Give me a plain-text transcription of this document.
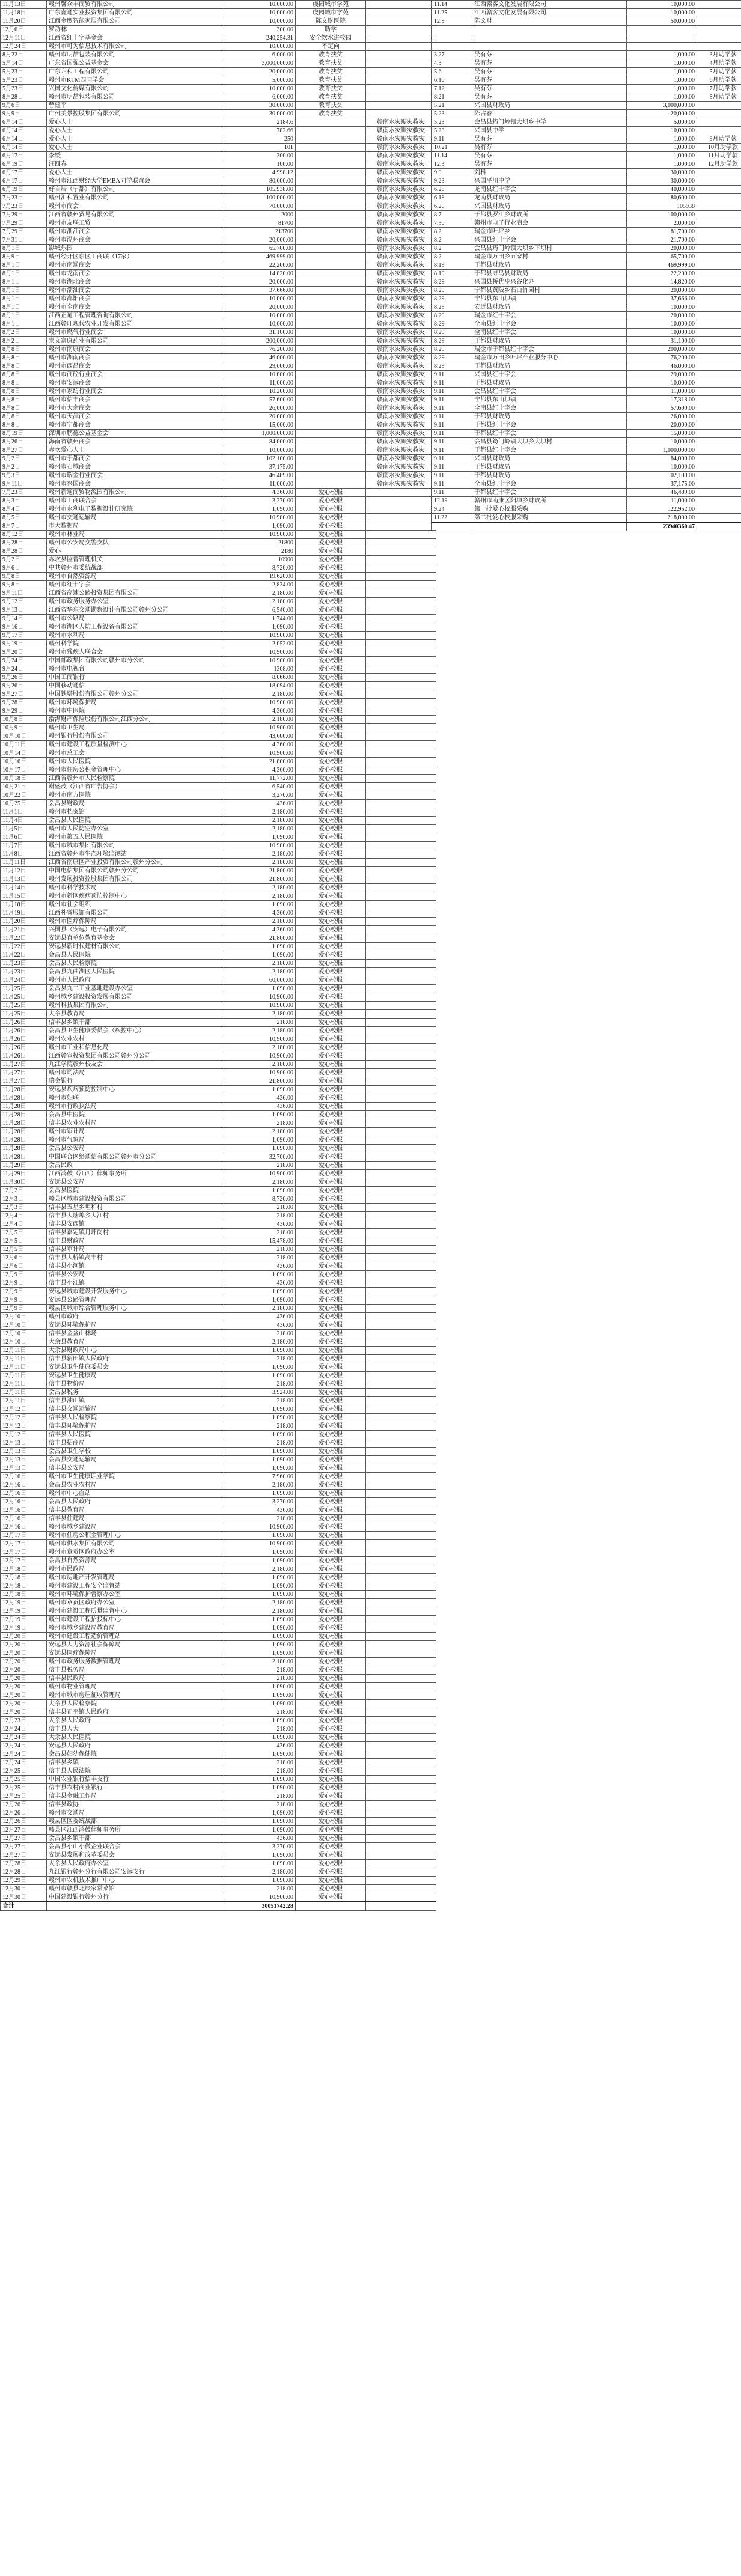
11月13日	赣州馨众丰商贸有限公司	10,000.00	虔园城市学苑	
11月18日	广东鑫通实业投资集团有限公司	10,000.00	虔园城市学苑	
11月20日	江西金鹰智能家居有限公司	10,000.00	陈文财医院	
12月6日	罗功林	300.00	助学	
12月11日	江西省红十字基金会	240,254.31	安全饮水进校园	
12月24日	赣州市可为信息技术有限公司	10,000.00	不定向	
8月22日	赣州市明喆包装有限公司	6,000.00	教育扶贫	
5月14日	广东省国强公益基金会	3,000,000.00	教育扶贫	
5月23日	广东六和工程有限公司	20,000.00	教育扶贫	
5月23日	赣州市KTM四同学会	5,000.00	教育扶贫	
5月23日	兴国文化传媒有限公司	10,000.00	教育扶贫	
8月28日	赣州市明喆包装有限公司	6,000.00	教育扶贫	
9月6日	曾建平	30,000.00	教育扶贫	
9月9日	广州美景控股集团有限公司	30,000.00	教育扶贫	
6月14日	爱心人士	2184.6		赣南水灾赈灾救灾
6月14日	爱心人士	782.66		赣南水灾赈灾救灾
6月14日	爱心人士	250		赣南水灾赈灾救灾
6月14日	爱心人士	101		赣南水灾赈灾救灾
6月17日	李媛	300.00		赣南水灾赈灾救灾
6月19日	汪四春	100.00		赣南水灾赈灾救灾
6月17日	爱心人士	4,998.12		赣南水灾赈灾救灾
6月17日	赣州市江西财经大学EMBA同学联谊会	80,600.00		赣南水灾赈灾救灾
6月19日	好自居（宁都）有限公司	105,938.00		赣南水灾赈灾救灾
7月23日	赣州汇和置业有限公司	100,000.00		赣南水灾赈灾救灾
7月23日	赣州市商会	70,000.00		赣南水灾赈灾救灾
7月29日	江西省赣州贸易有限公司	2000		赣南水灾赈灾救灾
7月29日	赣州市友联工贸	81700		赣南水灾赈灾救灾
7月29日	赣州市浙江商会	213700		赣南水灾赈灾救灾
7月31日	赣州市温州商会	20,000.00		赣南水灾赈灾救灾
8月1日	影城乐园	65,700.00		赣南水灾赈灾救灾
8月9日	赣州经开区东区工商联（17家）	469,999.00		赣南水灾赈灾救灾
8月1日	赣州市南通商会	22,200.00		赣南水灾赈灾救灾
8月1日	赣州市龙南商会	14,820.00		赣南水灾赈灾救灾
8月1日	赣州市湖北商会	20,000.00		赣南水灾赈灾救灾
8月1日	赣州市潮汕商会	37,666.00		赣南水灾赈灾救灾
8月1日	赣州市鄱阳商会	10,000.00		赣南水灾赈灾救灾
8月1日	赣州市全南商会	20,000.00		赣南水灾赈灾救灾
8月1日	江西正道工程管理咨询有限公司	10,000.00		赣南水灾赈灾救灾
8月1日	江西赣旺现代农业开发有限公司	10,000.00		赣南水灾赈灾救灾
8月2日	赣州市燃气行业商会	31,100.00		赣南水灾赈灾救灾
8月2日	崇义富康药业有限公司	200,000.00		赣南水灾赈灾救灾
8月8日	赣州市南康商会	76,200.00		赣南水灾赈灾救灾
8月8日	赣州市湖南商会	46,000.00		赣南水灾赈灾救灾
8月8日	赣州市西昌商会	29,000.00		赣南水灾赈灾救灾
8月8日	赣州市商砼行业商会	10,000.00		赣南水灾赈灾救灾
8月8日	赣州市安远商会	11,000.00		赣南水灾赈灾救灾
8月8日	赣州市家纺行业商会	10,200.00		赣南水灾赈灾救灾
8月8日	赣州市信丰商会	57,600.00		赣南水灾赈灾救灾
8月8日	赣州市大余商会	26,000.00		赣南水灾赈灾救灾
8月8日	赣州市天津商会	20,000.00		赣南水灾赈灾救灾
8月8日	赣州市宁都商会	15,000.00		赣南水灾赈灾救灾
8月19日	深圳市鹏德公益基金会	1,000,000.00		赣南水灾赈灾救灾
8月26日	海南省赣州商会	84,000.00		赣南水灾赈灾救灾
8月27日	赤坎爱心人士	10,000.00		赣南水灾赈灾救灾
9月2日	赣州市于都商会	102,100.00		赣南水灾赈灾救灾
9月2日	赣州市石城商会	37,175.00		赣南水灾赈灾救灾
9月3日	赣州市瑞金行业商会	46,489.00		赣南水灾赈灾救灾
9月11日	赣州市兴国商会	11,000.00		赣南水灾赈灾救灾
7月23日	赣州新通商贸物流园有限公司	4,360.00	爱心校服	
8月3日	赣州市工商联合会	3,270.00	爱心校服	
8月4日	赣州市水利电子数据设计研究院	1,090.00	爱心校服	
8月5日	赣州市交通运输局	10,900.00	爱心校服	
8月7日	市大数据局	1,090.00	爱心校服	
8月12日	赣州市林业局	10,900.00	爱心校服	
8月28日	赣州市公安局交警支队	21800	爱心校服	
8月28日	爱心	2180	爱心校服	
9月2日	赤坎县监督管理机关	10900	爱心校服	
9月6日	中共赣州市委统战部	8,720.00	爱心校服	
9月8日	赣州市自然资源局	19,620.00	爱心校服	
9月8日	赣州市红十字会	2,834.00	爱心校服	
9月11日	江西省高速公路投资集团有限公司	2,180.00	爱心校服	
9月12日	赣州市政务服务办公室	2,180.00	爱心校服	
9月13日	江西省华东交通勘察设计有限公司赣州分公司	6,540.00	爱心校服	
9月14日	赣州市公路局	1,744.00	爱心校服	
9月16日	赣州市湖区人防工程设备有限公司	1,090.00	爱心校服	
9月17日	赣州市水利局	10,900.00	爱心校服	
9月19日	赣州科学院	2,052.00	爱心校服	
9月20日	赣州市残疾人联合会	10,900.00	爱心校服	
9月24日	中国邮政集团有限公司赣州市分公司	10,900.00	爱心校服	
9月24日	赣州市电视台	1308.00	爱心校服	
9月26日	中国工商银行	8,066.00	爱心校服	
9月26日	中国移动通信	18,094.00	爱心校服	
9月27日	中国铁塔股份有限公司赣州分公司	2,180.00	爱心校服	
9月28日	赣州市环境保护局	10,900.00	爱心校服	
9月29日	赣州市中医院	4,360.00	爱心校服	
10月8日	渤海财产保险股份有限公司江西分公司	2,180.00	爱心校服	
10月9日	赣州市卫生局	10,900.00	爱心校服	
10月10日	赣州银行股份有限公司	43,600.00	爱心校服	
10月11日	赣州市建设工程质量检测中心	4,360.00	爱心校服	
10月14日	赣州市总工会	10,900.00	爱心校服	
10月16日	赣州市人民医院	21,800.00	爱心校服	
10月17日	赣州市住房公积金管理中心	4,360.00	爱心校服	
10月18日	江西省赣州市人民检察院	11,772.00	爱心校服	
10月21日	谢盛茂（江西省广告协会）	6,540.00	爱心校服	
10月22日	赣州市南方医院	3,270.00	爱心校服	
10月25日	会昌县财政局	436.00	爱心校服	
11月1日	赣州市档案馆	2,180.00	爱心校服	
11月4日	会昌县人民医院	2,180.00	爱心校服	
11月5日	赣州市人民防空办公室	2,180.00	爱心校服	
11月6日	赣州市第五人民医院	1,090.00	爱心校服	
11月7日	赣州市城市集团有限公司	10,900.00	爱心校服	
11月8日	江西省赣州市生态环境监测站	2,180.00	爱心校服	
11月11日	江西省南康区产业投资有限公司赣州分公司	2,180.00	爱心校服	
11月12日	中国电信集团有限公司赣州分公司	21,800.00	爱心校服	
11月13日	赣州发展投资控股集团有限公司	21,800.00	爱心校服	
11月14日	赣州市科学技术局	2,180.00	爱心校服	
11月15日	赣州市新区疾病预防控制中心	2,180.00	爱心校服	
11月18日	赣州市社会组织	1,090.00	爱心校服	
11月19日	江西朴睿服饰有限公司	4,360.00	爱心校服	
11月20日	赣州市医疗保障局	2,180.00	爱心校服	
11月21日	兴国县（安远）电子有限公司	4,360.00	爱心校服	
11月22日	安远县直单位教育基金会	21,800.00	爱心校服	
11月22日	安远县新时代建材有限公司	1,090.00	爱心校服	
11月22日	会昌县人民医院	1,090.00	爱心校服	
11月23日	会昌县人民检察院	2,180.00	爱心校服	
11月23日	会昌县九曲湖区人民医院	2,180.00	爱心校服	
11月24日	赣州市人民政府	60,000.00	爱心校服	
11月25日	会昌县九二工业基地建设办公室	1,090.00	爱心校服	
11月25日	赣州城乡建设投资发展有限公司	10,900.00	爱心校服	
11月25日	赣州科技集团有限公司	10,900.00	爱心校服	
11月25日	大余县教育局	2,180.00	爱心校服	
11月26日	信丰县乡镇干部	218.00	爱心校服	
11月26日	会昌县卫生健康委员会（疾控中心）	2,180.00	爱心校服	
11月26日	赣州农业农村	10,900.00	爱心校服	
11月26日	赣州市工业和信息化局	2,180.00	爱心校服	
11月26日	江西赣宣投资集团有限公司赣州分公司	10,900.00	爱心校服	
11月27日	九江学院赣州校友会	2,180.00	爱心校服	
11月27日	赣州市司法局	10,900.00	爱心校服	
11月27日	瑞金银行	21,800.00	爱心校服	
11月28日	安远县疾病预防控制中心	1,090.00	爱心校服	
11月28日	赣州市妇联	436.00	爱心校服	
11月28日	赣州市行政执法局	436.00	爱心校服	
11月28日	会昌县中医院	1,090.00	爱心校服	
11月28日	信丰县农业农村局	218.00	爱心校服	
11月28日	赣州市审计局	2,180.00	爱心校服	
11月28日	赣州市气象局	1,090.00	爱心校服	
11月28日	会昌县公安局	1,090.00	爱心校服	
11月28日	中国联合网络通信有限公司赣州市分公司	32,700.00	爱心校服	
11月29日	会昌民政	218.00	爱心校服	
11月29日	江西鸿鼓（江西）律师事务所	10,900.00	爱心校服	
11月30日	安远县公安局	2,180.00	爱心校服	
12月2日	会昌县医院	1,090.00	爱心校服	
12月3日	赣县区城市建设投资有限公司	8,720.00	爱心校服	
12月3日	信丰县五星乡坦和村	218.00	爱心校服	
12月4日	信丰县大塘埠乡大江村	218.00	爱心校服	
12月4日	信丰县安西镇	436.00	爱心校服	
12月5日	信丰县嘉定镇月坪岗村	218.00	爱心校服	
12月5日	信丰县财政局	15,478.00	爱心校服	
12月5日	信丰县审计局	218.00	爱心校服	
12月6日	信丰县大桥镇高丰村	218.00	爱心校服	
12月6日	信丰县小河镇	436.00	爱心校服	
12月9日	信丰县公安局	1,090.00	爱心校服	
12月9日	信丰县小江镇	436.00	爱心校服	
12月9日	安远县城市建设开发服务中心	1,090.00	爱心校服	
12月9日	安远县公路管理局	1,090.00	爱心校服	
12月9日	赣县区城市综合管理服务中心	2,180.00	爱心校服	
12月10日	赣州市政府	436.00	爱心校服	
12月10日	安远县环境保护局	436.00	爱心校服	
12月10日	信丰县金盆山林场	218.00	爱心校服	
12月10日	大余县教育局	2,180.00	爱心校服	
12月11日	大余县财政局中心	1,090.00	爱心校服	
12月11日	信丰县新田镇人民政府	218.00	爱心校服	
12月11日	安远县卫生健康委员会	1,090.00	爱心校服	
12月11日	安远县卫生健康局	1,090.00	爱心校服	
12月11日	信丰县物价局	218.00	爱心校服	
12月11日	会昌县税务	3,924.00	爱心校服	
12月11日	信丰县油山镇	218.00	爱心校服	
12月12日	信丰县交通运输局	1,090.00	爱心校服	
12月12日	信丰县人民检察院	1,090.00	爱心校服	
12月12日	信丰县环境保护局	218.00	爱心校服	
12月12日	信丰县人民医院	1,090.00	爱心校服	
12月13日	信丰县招商局	218.00	爱心校服	
12月13日	会昌县卫生学校	1,090.00	爱心校服	
12月13日	会昌县交通运输局	1,090.00	爱心校服	
12月13日	信丰县公安局	1,090.00	爱心校服	
12月16日	赣州市卫生健康职业学院	7,960.00	爱心校服	
12月16日	会昌县农业农村局	2,180.00	爱心校服	
12月16日	赣州市中心血站	1,090.00	爱心校服	
12月16日	会昌县人民政府	3,270.00	爱心校服	
12月16日	信丰县教育局	436.00	爱心校服	
12月16日	信丰县住建局	218.00	爱心校服	
12月16日	赣州市城乡建设局	10,900.00	爱心校服	
12月17日	赣州市住房公积金管理中心	1,090.00	爱心校服	
12月17日	赣州市供水集团有限公司	10,900.00	爱心校服	
12月17日	赣州市章贡区政府办公室	1,090.00	爱心校服	
12月17日	会昌县自然资源局	1,090.00	爱心校服	
12月18日	赣州市民政局	2,180.00	爱心校服	
12月18日	赣州市房地产开发管理局	1,090.00	爱心校服	
12月18日	赣州市建设工程安全监督站	1,090.00	爱心校服	
12月18日	赣州市环境保护督察办公室	1,090.00	爱心校服	
12月19日	赣州市章贡区政府办公室	2,180.00	爱心校服	
12月19日	赣州市建设工程质量监督中心	2,180.00	爱心校服	
12月19日	赣州市建设工程招投标中心	1,090.00	爱心校服	
12月19日	赣州市城乡建设局教育局	1,090.00	爱心校服	
12月20日	赣州市建设工程造价管理站	1,090.00	爱心校服	
12月20日	安远县人力资源社会保障局	1,090.00	爱心校服	
12月20日	安远县医疗保障局	1,090.00	爱心校服	
12月20日	赣州市政务服务数据管理局	2,180.00	爱心校服	
12月20日	信丰县税务局	218.00	爱心校服	
12月20日	信丰县民政局	218.00	爱心校服	
12月20日	赣州市物业管理局	1,090.00	爱心校服	
12月20日	赣州市城市房屋征收管理局	1,090.00	爱心校服	
12月20日	大余县人民检察院	1,090.00	爱心校服	
12月20日	信丰县正平镇人民政府	218.00	爱心校服	
12月23日	大余县人民政府	1,090.00	爱心校服	
12月24日	信丰县人大	218.00	爱心校服	
12月24日	大余县人民医院	1,090.00	爱心校服	
12月24日	安远县人民政府	436.00	爱心校服	
12月24日	会昌县妇幼保健院	1,090.00	爱心校服	
12月24日	信丰县乡镇	218.00	爱心校服	
12月25日	信丰县人民法院	218.00	爱心校服	
12月25日	中国农业银行信丰支行	1,090.00	爱心校服	
12月25日	信丰县农村商业银行	1,090.00	爱心校服	
12月25日	信丰县金融工作局	218.00	爱心校服	
12月26日	信丰县政协	218.00	爱心校服	
12月26日	赣州市交通局	1,090.00	爱心校服	
12月26日	赣县区区委统战部	1,090.00	爱心校服	
12月27日	赣县区江西鸿鼓律师事务所	1,090.00	爱心校服	
12月27日	会昌县乡镇干部	436.00	爱心校服	
12月27日	会昌县小山小微企业联合会	3,270.00	爱心校服	
12月27日	安远县发展和改革委员会	1,090.00	爱心校服	
12月28日	大余县人民政府办公室	1,090.00	爱心校服	
12月28日	九江银行赣州分行有限公司安远支行	2,180.00	爱心校服	
12月29日	赣州市农机技术推广中心	1,090.00	爱心校服	
12月30日	赣州市赣县北辰家常菜馆	218.00	爱心校服	
12月30日	中国建设银行赣州分行	10,900.00	爱心校服	
合计		30051742.28		
11.14	江西赣客文化发展有限公司	10,000.00	
11.25	江西赣客文化发展有限公司	10,000.00	
12.9	陈文财	50,000.00	

3.27	吴有芬	1,000.00	3月助学款
4.3	吴有芬	1,000.00	4月助学款
5.6	吴有芬	1,000.00	5月助学款
6.10	吴有芬	1,000.00	6月助学款
7.12	吴有芬	1,000.00	7月助学款
8.21	吴有芬	1,000.00	8月助学款
5.21	兴国县财政局	3,000,000.00	
5.23	陈占春	20,000.00	
5.23	会昌县筠门岭镇大坝乡中学	5,000.00	
5.23	兴国县中学	10,000.00	
9.11	吴有芬	1,000.00	9月助学款
10.21	吴有芬	1,000.00	10月助学款
11.14	吴有芬	1,000.00	11月助学款
12.3	吴有芬	1,000.00	12月助学款
9.9	刘科	30,000.00	
9.23	兴国平川中学	30,000.00	
6.28	龙南县红十字会	40,000.00	
6.18	龙南县财政局	80,600.00	
6.20	兴国县财政局	105938	
8.7	于都县罗江乡财政所	100,000.00	
7.30	赣州市电子行业商会	2,000.00	
8.2	瑞金市叶坪乡	81,700.00	
8.2	兴国县红十字会	21,700.00	
8.2	会昌县筠门岭镇大坝乡下坝村	20,000.00	
8.2	瑞金市万田乡五家村	65,700.00	
8.19	于都县财政局	469,999.00	
8.19	于都县寻乌县财政局	22,200.00	
8.29	兴国县桥优步兴谷化办	14,820.00	
8.29	宁都县黄陂乡石白竹园村	20,000.00	
8.29	宁都县东山坝镇	37,666.00	
8.29	安远县财政局	10,000.00	
8.29	瑞金市红十字会	20,000.00	
8.29	全南县红十字会	10,000.00	
8.29	全南县红十字会	10,000.00	
8.29	于都县财政局	31,100.00	
8.29	瑞金市于都县红十字会	200,000.00	
8.29	瑞金市万田乡叶坪产业服务中心	76,200.00	
8.29	于都县财政局	46,000.00	
9.11	兴国县红十字会	29,000.00	
9.11	于都县财政局	10,000.00	
9.11	会昌县红十字会	11,000.00	
9.11	宁都县东山坝镇	17,318.00	
9.11	全南县红十字会	57,600.00	
9.11	于都县财政局	26,000.00	
9.11	于都县红十字会	20,000.00	
9.11	于都县红十字会	15,000.00	
9.11	会昌县筠门岭镇大坝乡大坝村	10,000.00	
9.11	于都县红十字会	1,000,000.00	
9.11	兴国县财政局	84,000.00	
9.11	于都县财政局	10,000.00	
9.11	于都县财政局	102,100.00	
9.11	全南县红十字会	37,175.00	
9.11	于都县红十字会	46,489.00	
12.19	赣州市南康区阳埠乡财政所	11,000.00	
9.24	第一批爱心校服采购	122,952.00	
11.22	第二批爱心校服采购	218,000.00	
		23940360.47	
